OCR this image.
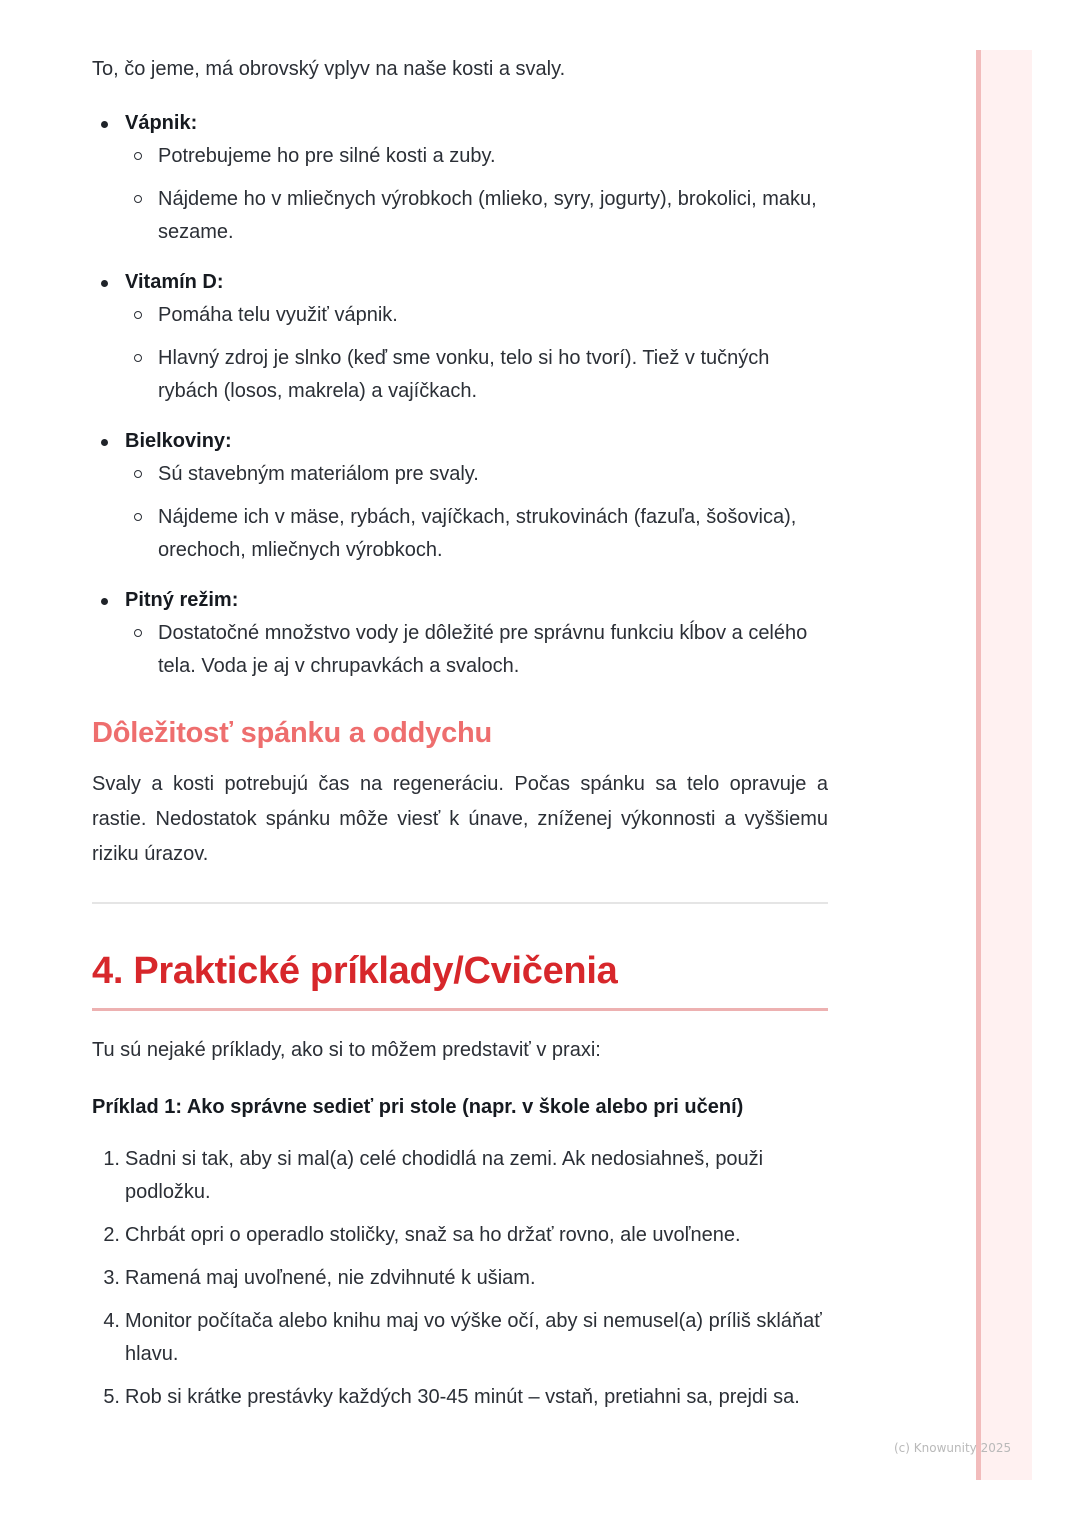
To, čo jeme, má obrovský vplyv na naše kosti a svaly.

Vápnik:
Potrebujeme ho pre silné kosti a zuby.
Nájdeme ho v mliečnych výrobkoch (mlieko, syry, jogurty), brokolici, maku, sezame.
Vitamín D:
Pomáha telu využiť vápnik.
Hlavný zdroj je slnko (keď sme vonku, telo si ho tvorí). Tiež v tučných rybách (losos, makrela) a vajíčkach.
Bielkoviny:
Sú stavebným materiálom pre svaly.
Nájdeme ich v mäse, rybách, vajíčkach, strukovinách (fazuľa, šošovica), orechoch, mliečnych výrobkoch.
Pitný režim:
Dostatočné množstvo vody je dôležité pre správnu funkciu kĺbov a celého tela. Voda je aj v chrupavkách a svaloch.
Dôležitosť spánku a oddychu

Svaly a kosti potrebujú čas na regeneráciu. Počas spánku sa telo opravuje a rastie. Nedostatok spánku môže viesť k únave, zníženej výkonnosti a vyššiemu riziku úrazov.

4. Praktické príklady/Cvičenia

Tu sú nejaké príklady, ako si to môžem predstaviť v praxi:

Príklad 1: Ako správne sedieť pri stole (napr. v škole alebo pri učení)
1. Sadni si tak, aby si mal(a) celé chodidlá na zemi. Ak nedosiahneš, použi podložku.
2. Chrbát opri o operadlo stoličky, snaž sa ho držať rovno, ale uvoľnene.
3. Ramená maj uvoľnené, nie zdvihnuté k ušiam.
4. Monitor počítača alebo knihu maj vo výške očí, aby si nemusel(a) príliš skláňať hlavu.
5. Rob si krátke prestávky každých 30-45 minút – vstaň, pretiahni sa, prejdi sa.
(c) Knowunity 2025
